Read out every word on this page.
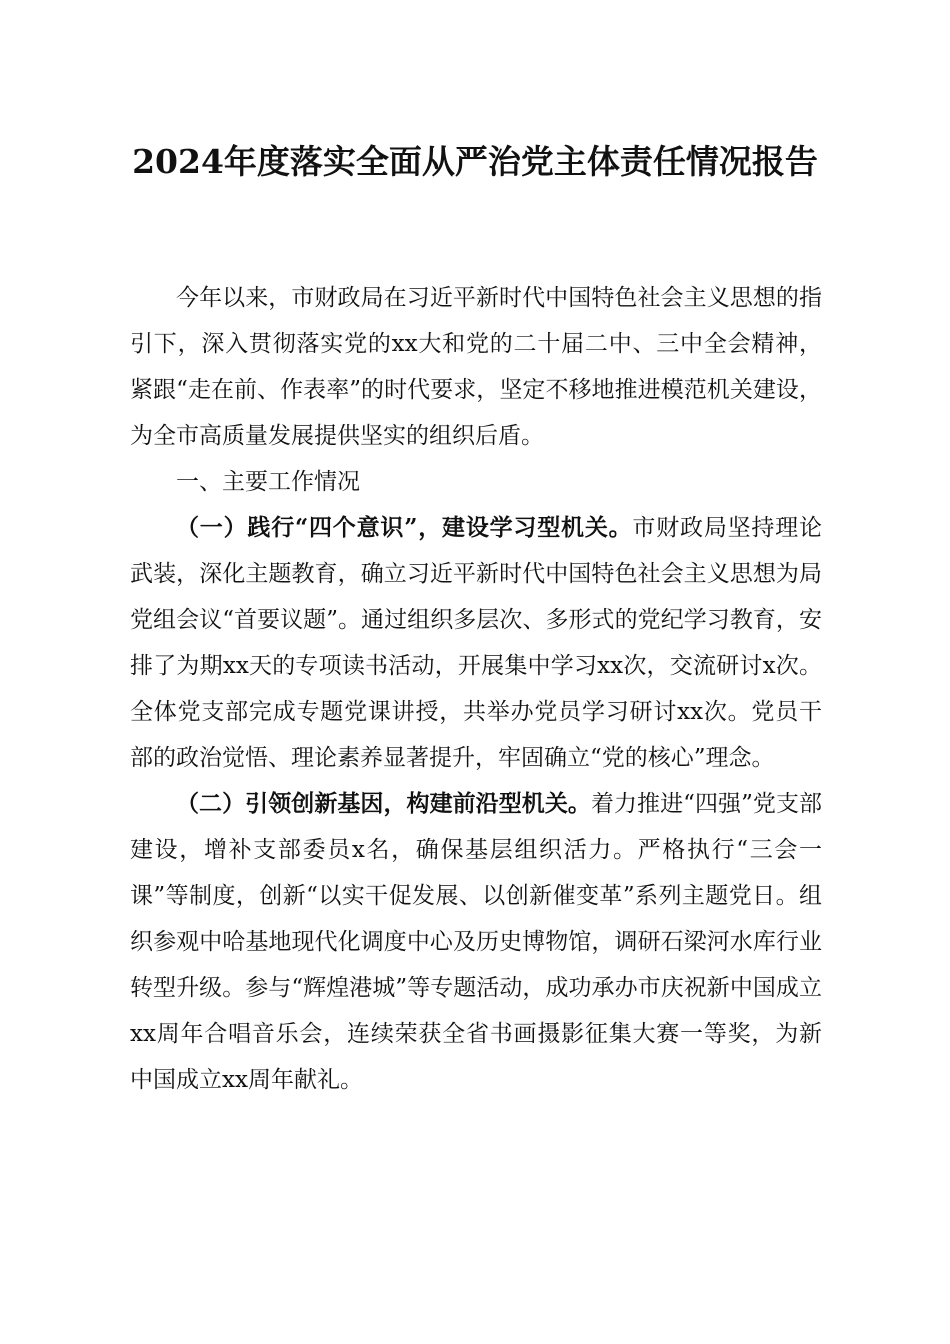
2024年度落实全面从严治党主体责任情况报告

今年以来，市财政局在习近平新时代中国特色社会主义思想的指引下，深入贯彻落实党的xx大和党的二十届二中、三中全会精神，紧跟“走在前、作表率”的时代要求，坚定不移地推进模范机关建设，为全市高质量发展提供坚实的组织后盾。

一、主要工作情况

（一）践行“四个意识”，建设学习型机关。市财政局坚持理论武装，深化主题教育，确立习近平新时代中国特色社会主义思想为局党组会议“首要议题”。通过组织多层次、多形式的党纪学习教育，安排了为期xx天的专项读书活动，开展集中学习xx次，交流研讨x次。全体党支部完成专题党课讲授，共举办党员学习研讨xx次。党员干部的政治觉悟、理论素养显著提升，牢固确立“党的核心”理念。

（二）引领创新基因，构建前沿型机关。着力推进“四强”党支部建设，增补支部委员x名，确保基层组织活力。严格执行“三会一课”等制度，创新“以实干促发展、以创新催变革”系列主题党日。组织参观中哈基地现代化调度中心及历史博物馆，调研石梁河水库行业转型升级。参与“辉煌港城”等专题活动，成功承办市庆祝新中国成立xx周年合唱音乐会，连续荣获全省书画摄影征集大赛一等奖，为新中国成立xx周年献礼。
